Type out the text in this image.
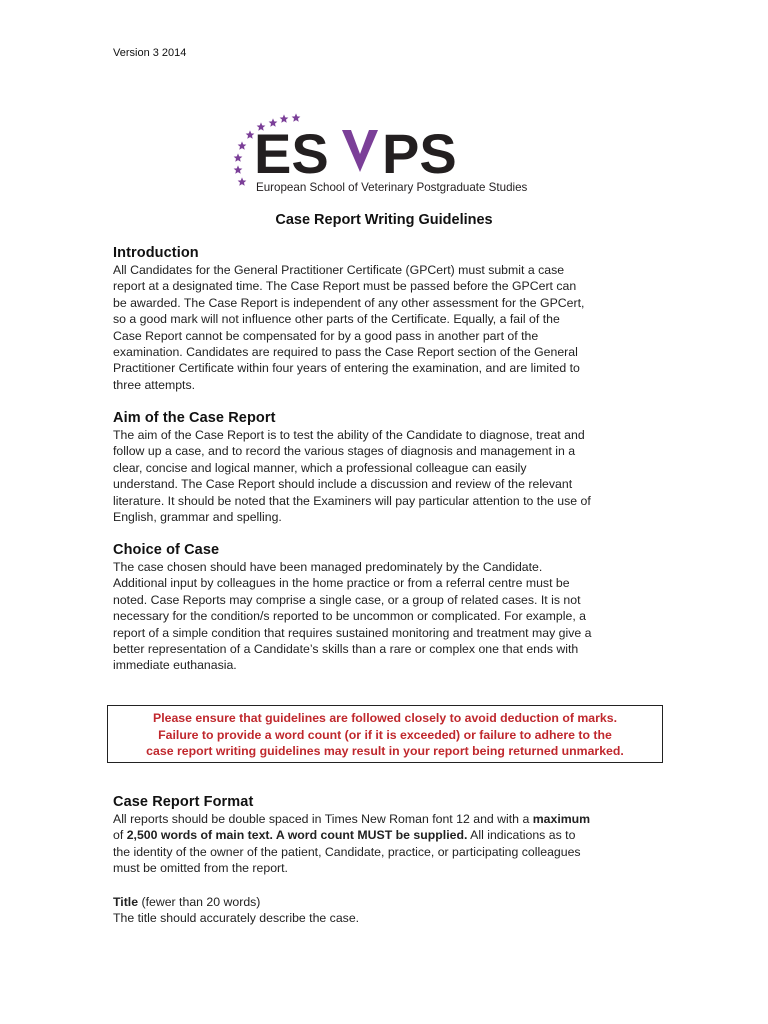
Version 3 2014
ES PS
European School of Veterinary Postgraduate Studies
Case Report Writing Guidelines
Introduction

All Candidates for the General Practitioner Certificate (GPCert) must submit a case
report at a designated time. The Case Report must be passed before the GPCert can
be awarded. The Case Report is independent of any other assessment for the GPCert,
so a good mark will not influence other parts of the Certificate. Equally, a fail of the
Case Report cannot be compensated for by a good pass in another part of the
examination. Candidates are required to pass the Case Report section of the General
Practitioner Certificate within four years of entering the examination, and are limited to
three attempts.

Aim of the Case Report

The aim of the Case Report is to test the ability of the Candidate to diagnose, treat and
follow up a case, and to record the various stages of diagnosis and management in a
clear, concise and logical manner, which a professional colleague can easily
understand. The Case Report should include a discussion and review of the relevant
literature. It should be noted that the Examiners will pay particular attention to the use of
English, grammar and spelling.

Choice of Case

The case chosen should have been managed predominately by the Candidate.
Additional input by colleagues in the home practice or from a referral centre must be
noted. Case Reports may comprise a single case, or a group of related cases. It is not
necessary for the condition/s reported to be uncommon or complicated. For example, a
report of a simple condition that requires sustained monitoring and treatment may give a
better representation of a Candidate’s skills than a rare or complex one that ends with
immediate euthanasia.

Please ensure that guidelines are followed closely to avoid deduction of marks.
Failure to provide a word count (or if it is exceeded) or failure to adhere to the
case report writing guidelines may result in your report being returned unmarked.
Case Report Format

All reports should be double spaced in Times New Roman font 12 and with a maximum
of 2,500 words of main text. A word count MUST be supplied. All indications as to
the identity of the owner of the patient, Candidate, practice, or participating colleagues
must be omitted from the report.

Title (fewer than 20 words)
The title should accurately describe the case.
